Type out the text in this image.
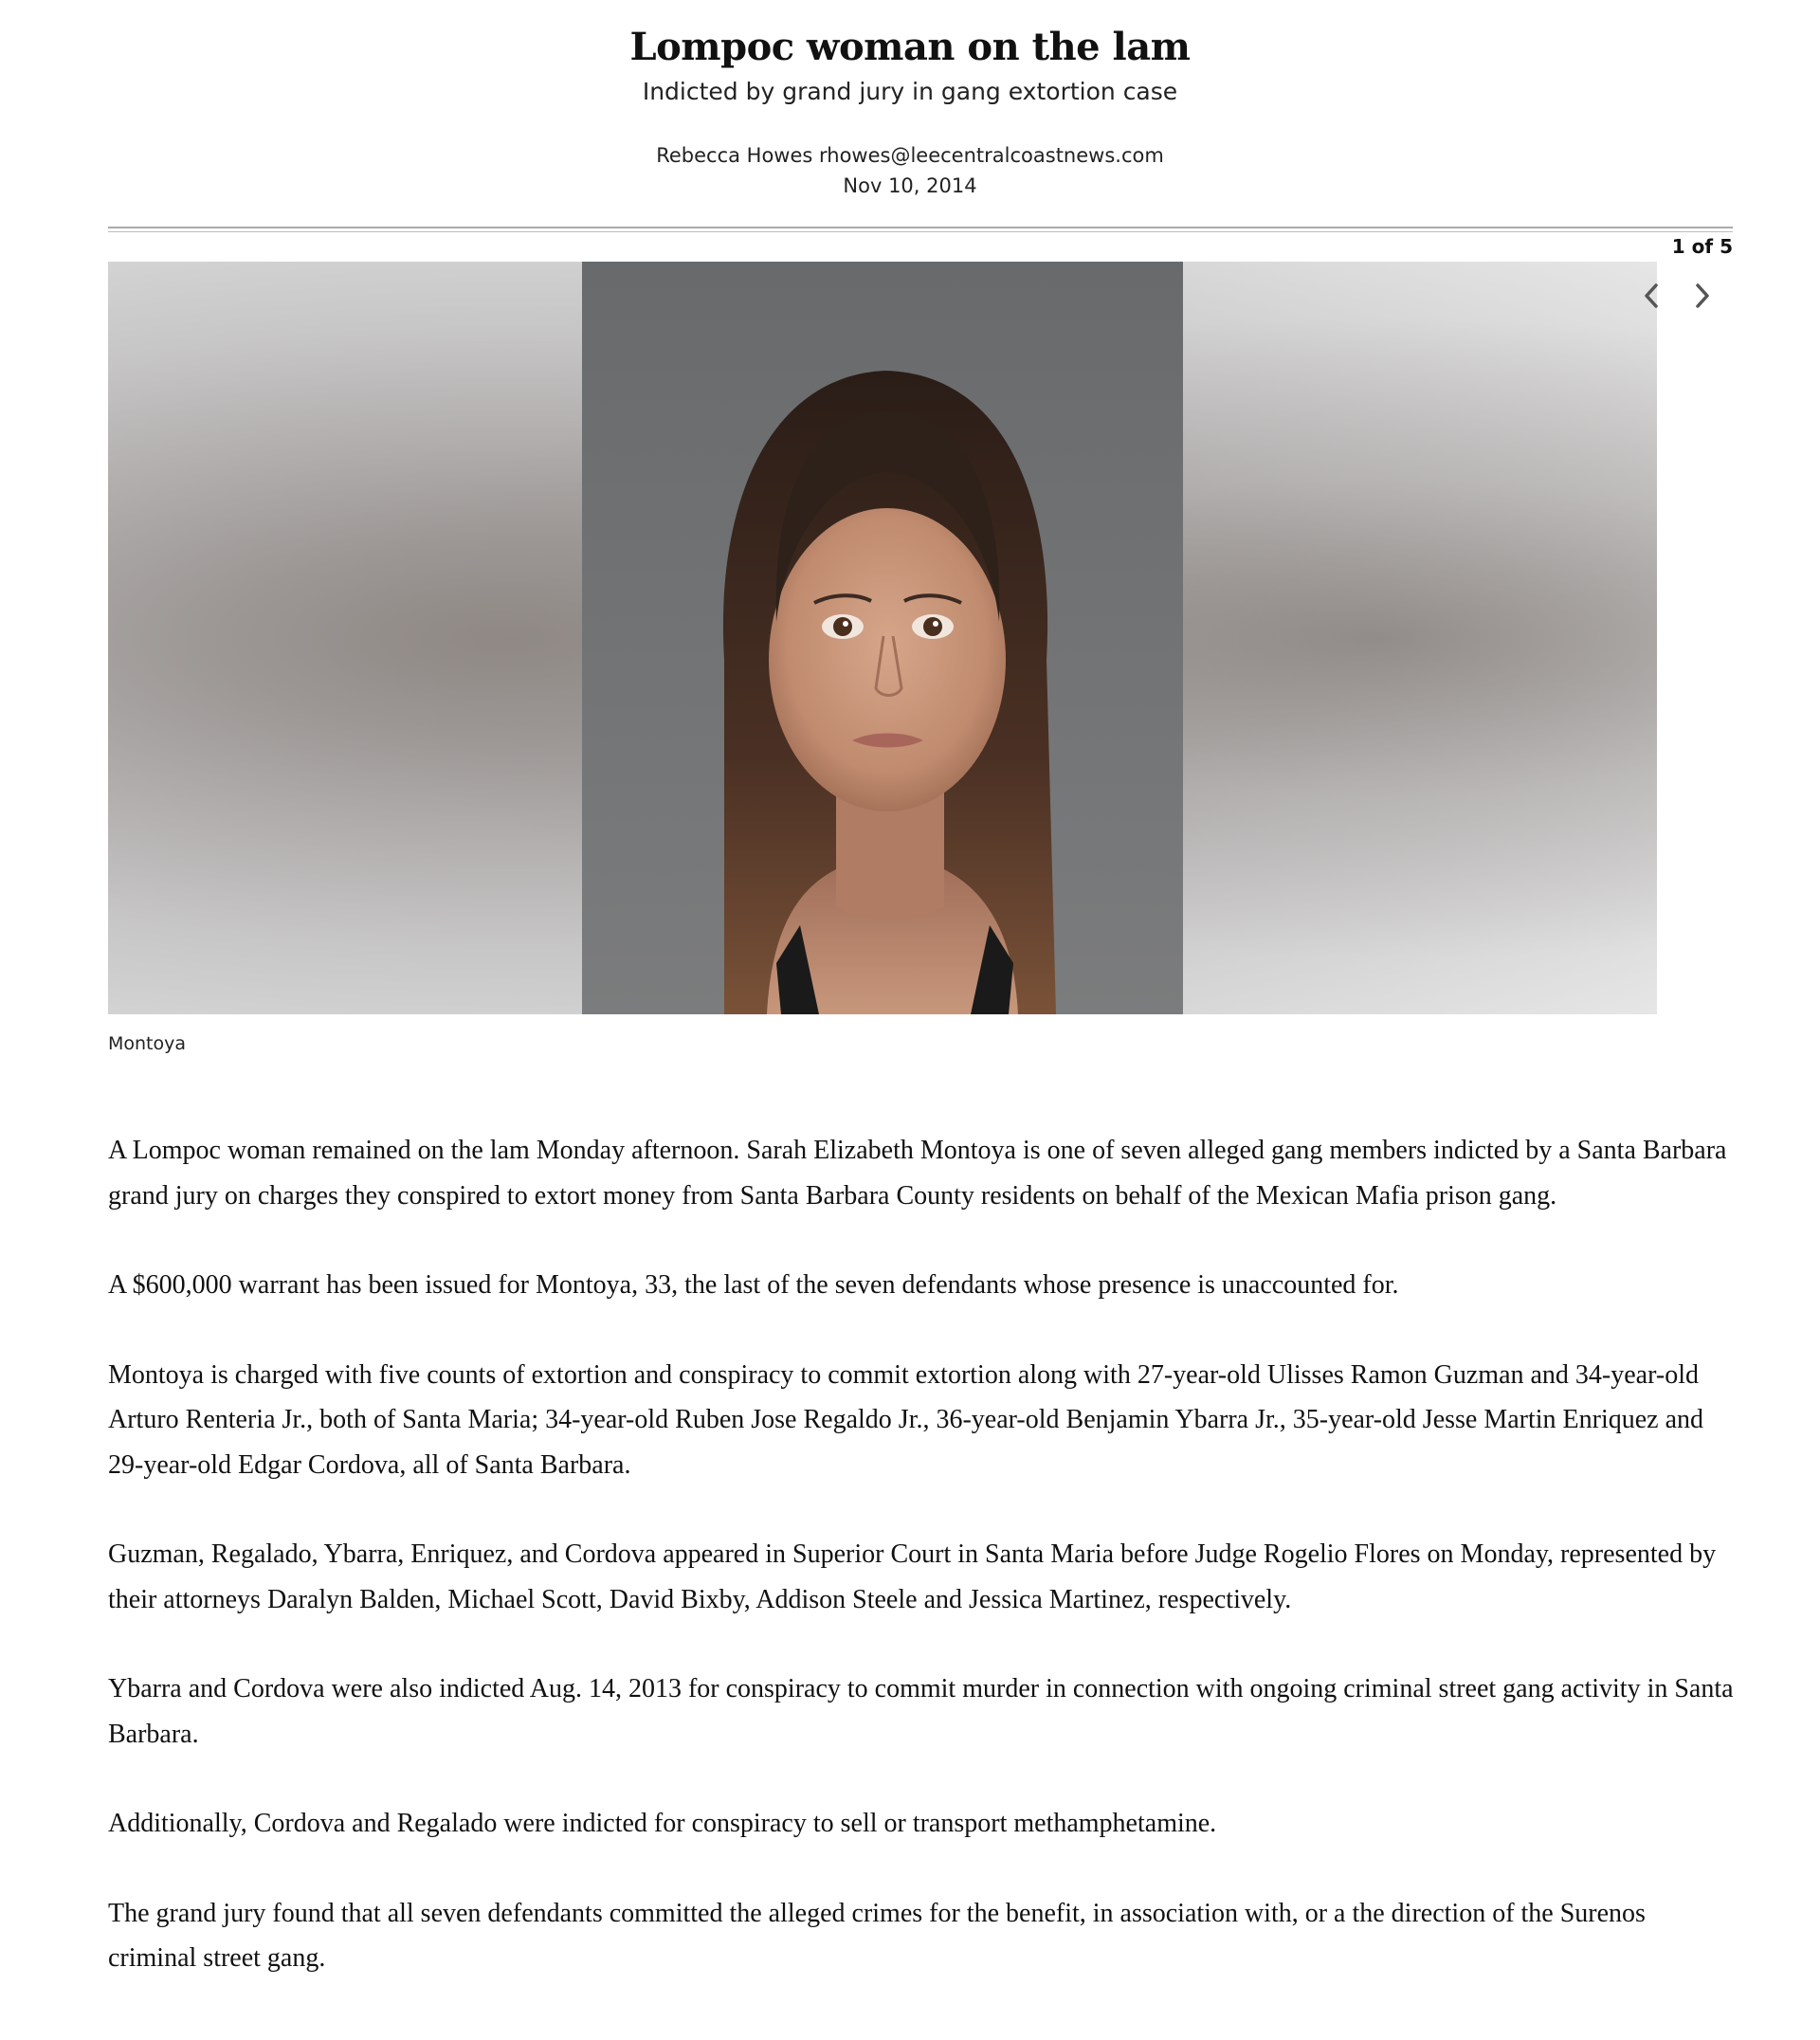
Lompoc woman on the lam
Indicted by grand jury in gang extortion case
Rebecca Howes rhowes@leecentralcoastnews.com
Nov 10, 2014
1 of 5
Montoya

A Lompoc woman remained on the lam Monday afternoon. Sarah Elizabeth Montoya is one of seven alleged gang members indicted by a Santa Barbara grand jury on charges they conspired to extort money from Santa Barbara County residents on behalf of the Mexican Mafia prison gang.

A $600,000 warrant has been issued for Montoya, 33, the last of the seven defendants whose presence is unaccounted for.

Montoya is charged with five counts of extortion and conspiracy to commit extortion along with 27-year-old Ulisses Ramon Guzman and 34-year-old Arturo Renteria Jr., both of Santa Maria; 34-year-old Ruben Jose Regaldo Jr., 36-year-old Benjamin Ybarra Jr., 35-year-old Jesse Martin Enriquez and 29-year-old Edgar Cordova, all of Santa Barbara.

Guzman, Regalado, Ybarra, Enriquez, and Cordova appeared in Superior Court in Santa Maria before Judge Rogelio Flores on Monday, represented by their attorneys Daralyn Balden, Michael Scott, David Bixby, Addison Steele and Jessica Martinez, respectively.

Ybarra and Cordova were also indicted Aug. 14, 2013 for conspiracy to commit murder in connection with ongoing criminal street gang activity in Santa Barbara.

Additionally, Cordova and Regalado were indicted for conspiracy to sell or transport methamphetamine.

The grand jury found that all seven defendants committed the alleged crimes for the benefit, in association with, or a the direction of the Surenos criminal street gang.
